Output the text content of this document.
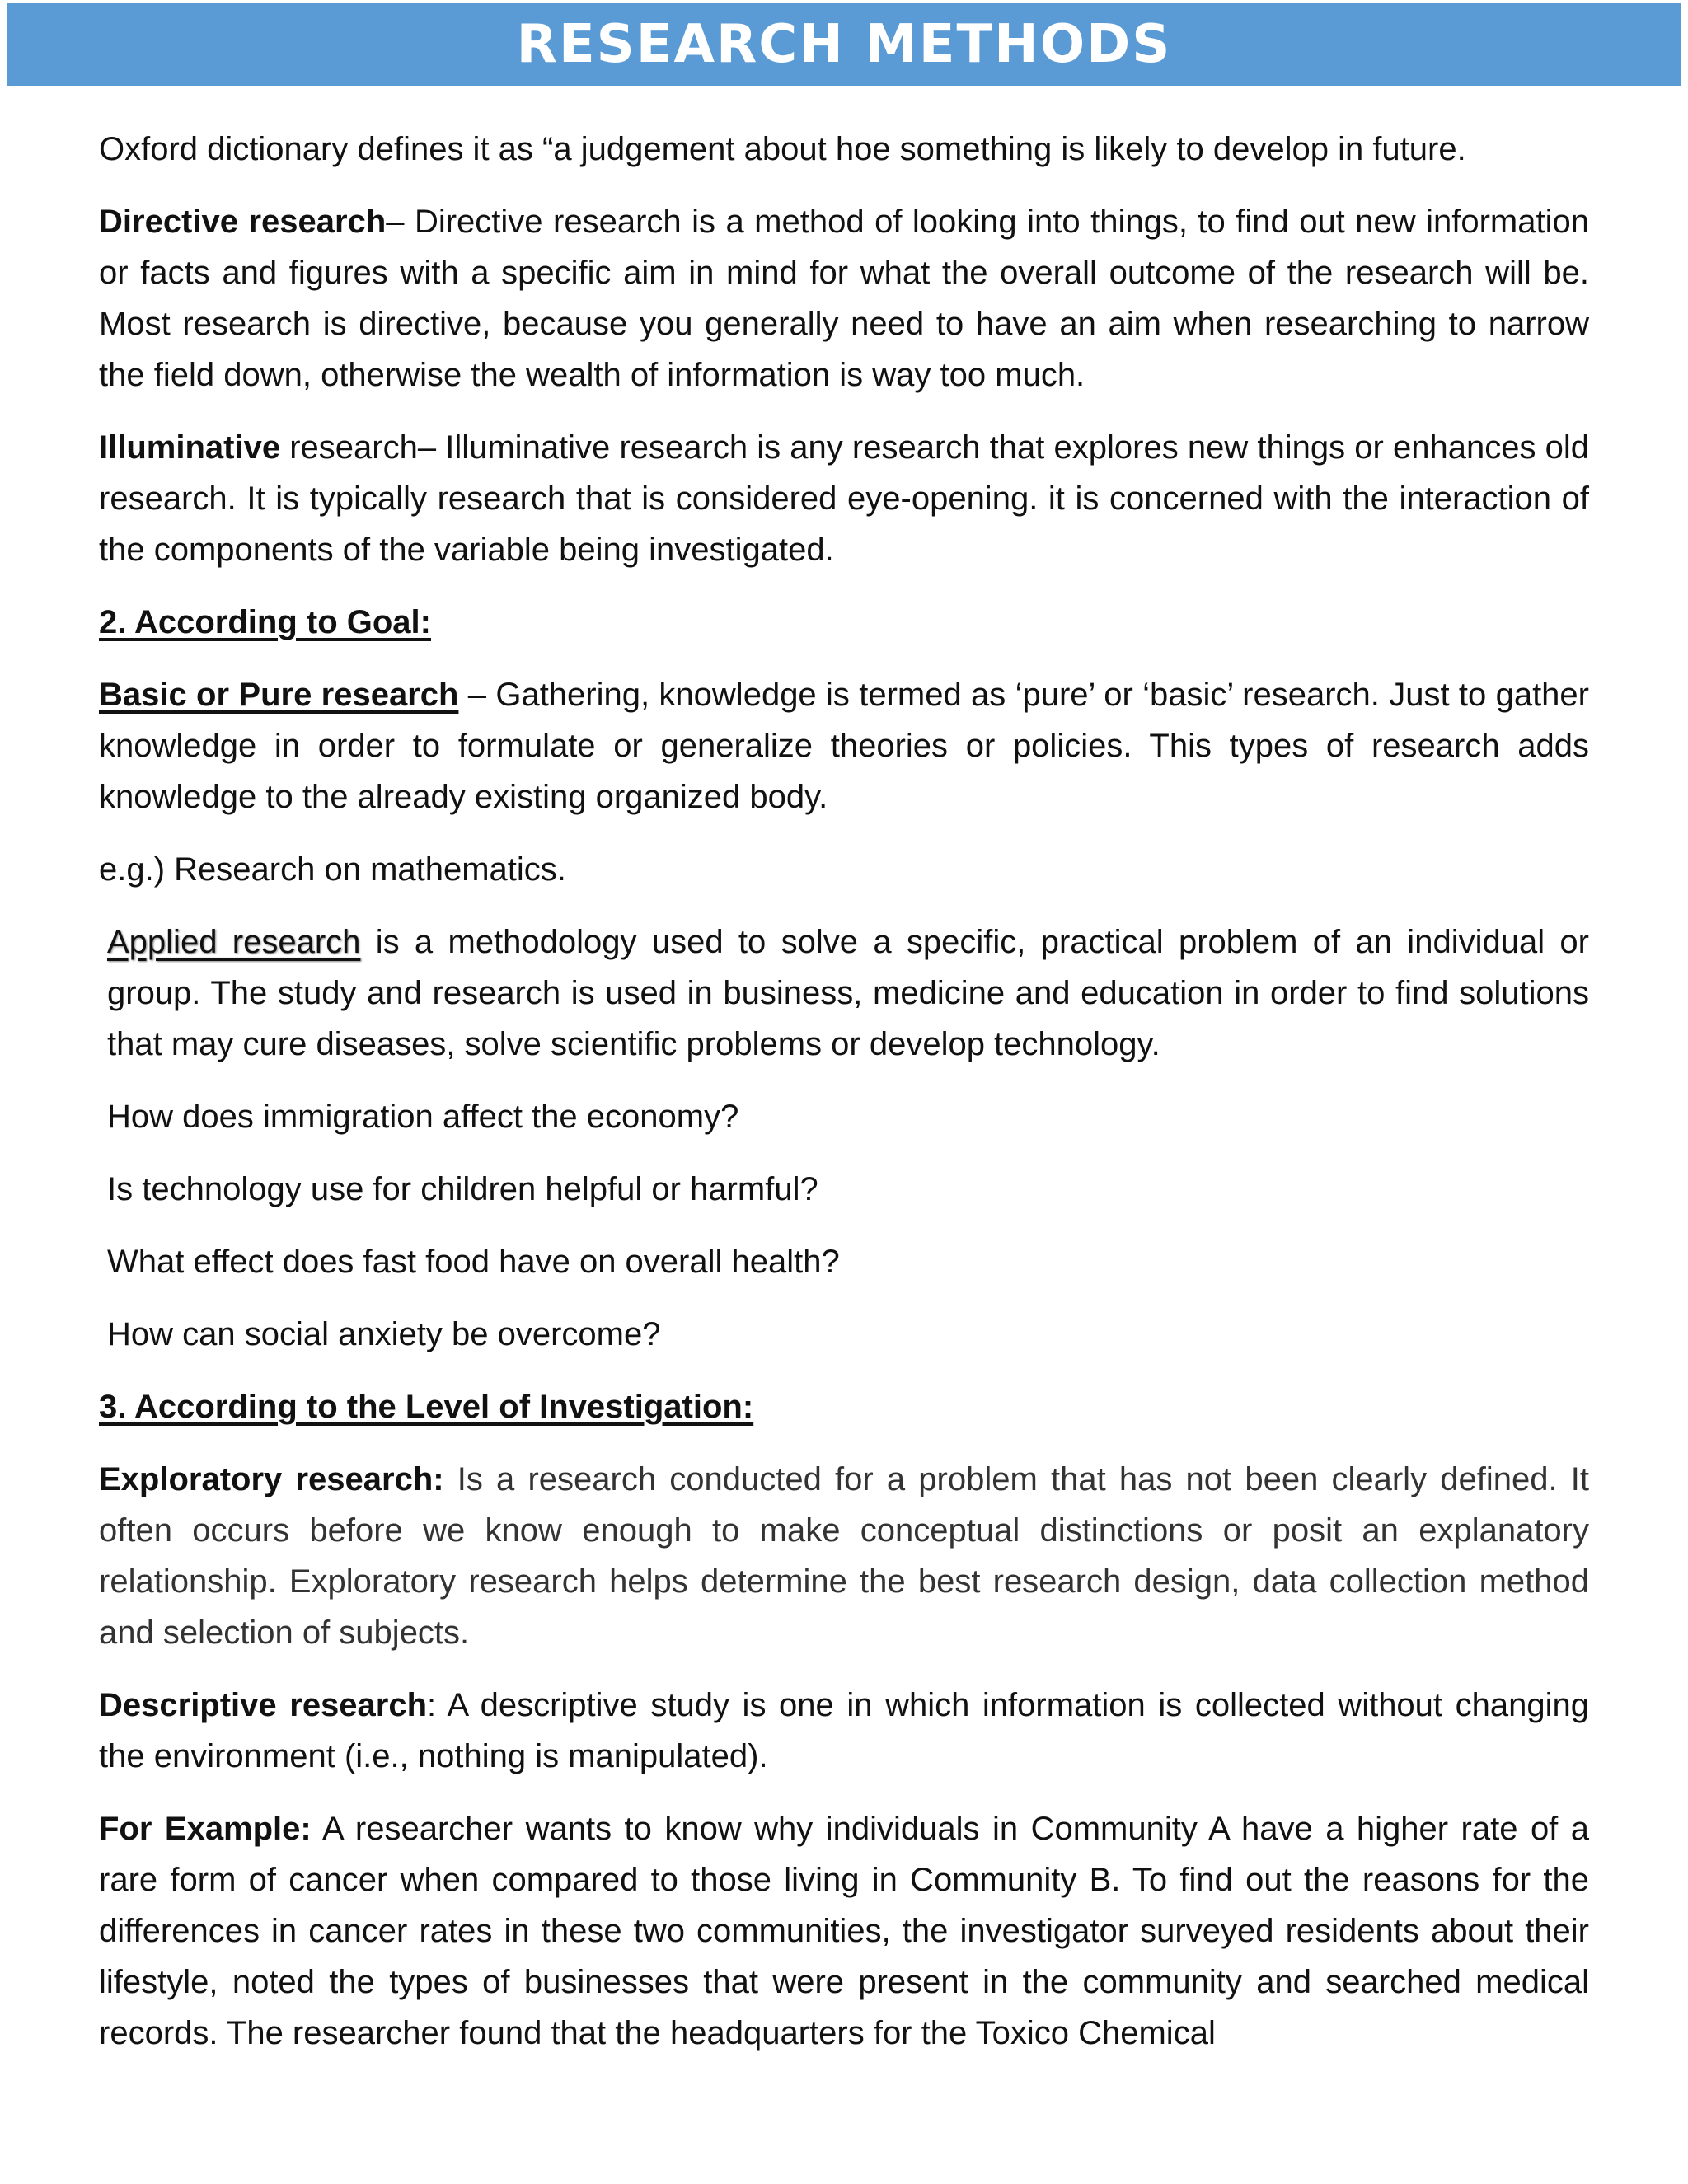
RESEARCH METHODS

Oxford dictionary defines it as “a judgement about hoe something is likely to develop in future.

Directive research– Directive research is a method of looking into things, to find out new information or facts and figures with a specific aim in mind for what the overall outcome of the research will be. Most research is directive, because you generally need to have an aim when researching to narrow the field down, otherwise the wealth of information is way too much.

Illuminative research– Illuminative research is any research that explores new things or enhances old research. It is typically research that is considered eye-opening. it is concerned with the interaction of the components of the variable being investigated.

2. According to Goal:

Basic or Pure research – Gathering, knowledge is termed as ‘pure’ or ‘basic’ research. Just to gather knowledge in order to formulate or generalize theories or policies. This types of research adds knowledge to the already existing organized body.

e.g.) Research on mathematics.

Applied research is a methodology used to solve a specific, practical problem of an individual or group. The study and research is used in business, medicine and education in order to find solutions that may cure diseases, solve scientific problems or develop technology.

How does immigration affect the economy?

Is technology use for children helpful or harmful?

What effect does fast food have on overall health?

How can social anxiety be overcome?

3. According to the Level of Investigation:

Exploratory research: Is a research conducted for a problem that has not been clearly defined. It often occurs before we know enough to make conceptual distinctions or posit an explanatory relationship. Exploratory research helps determine the best research design, data collection method and selection of subjects.

Descriptive research: A descriptive study is one in which information is collected without changing the environment (i.e., nothing is manipulated).

For Example: A researcher wants to know why individuals in Community A have a higher rate of a rare form of cancer when compared to those living in Community B. To find out the reasons for the differences in cancer rates in these two communities, the investigator surveyed residents about their lifestyle, noted the types of businesses that were present in the community and searched medical records. The researcher found that the headquarters for the Toxico Chemical
